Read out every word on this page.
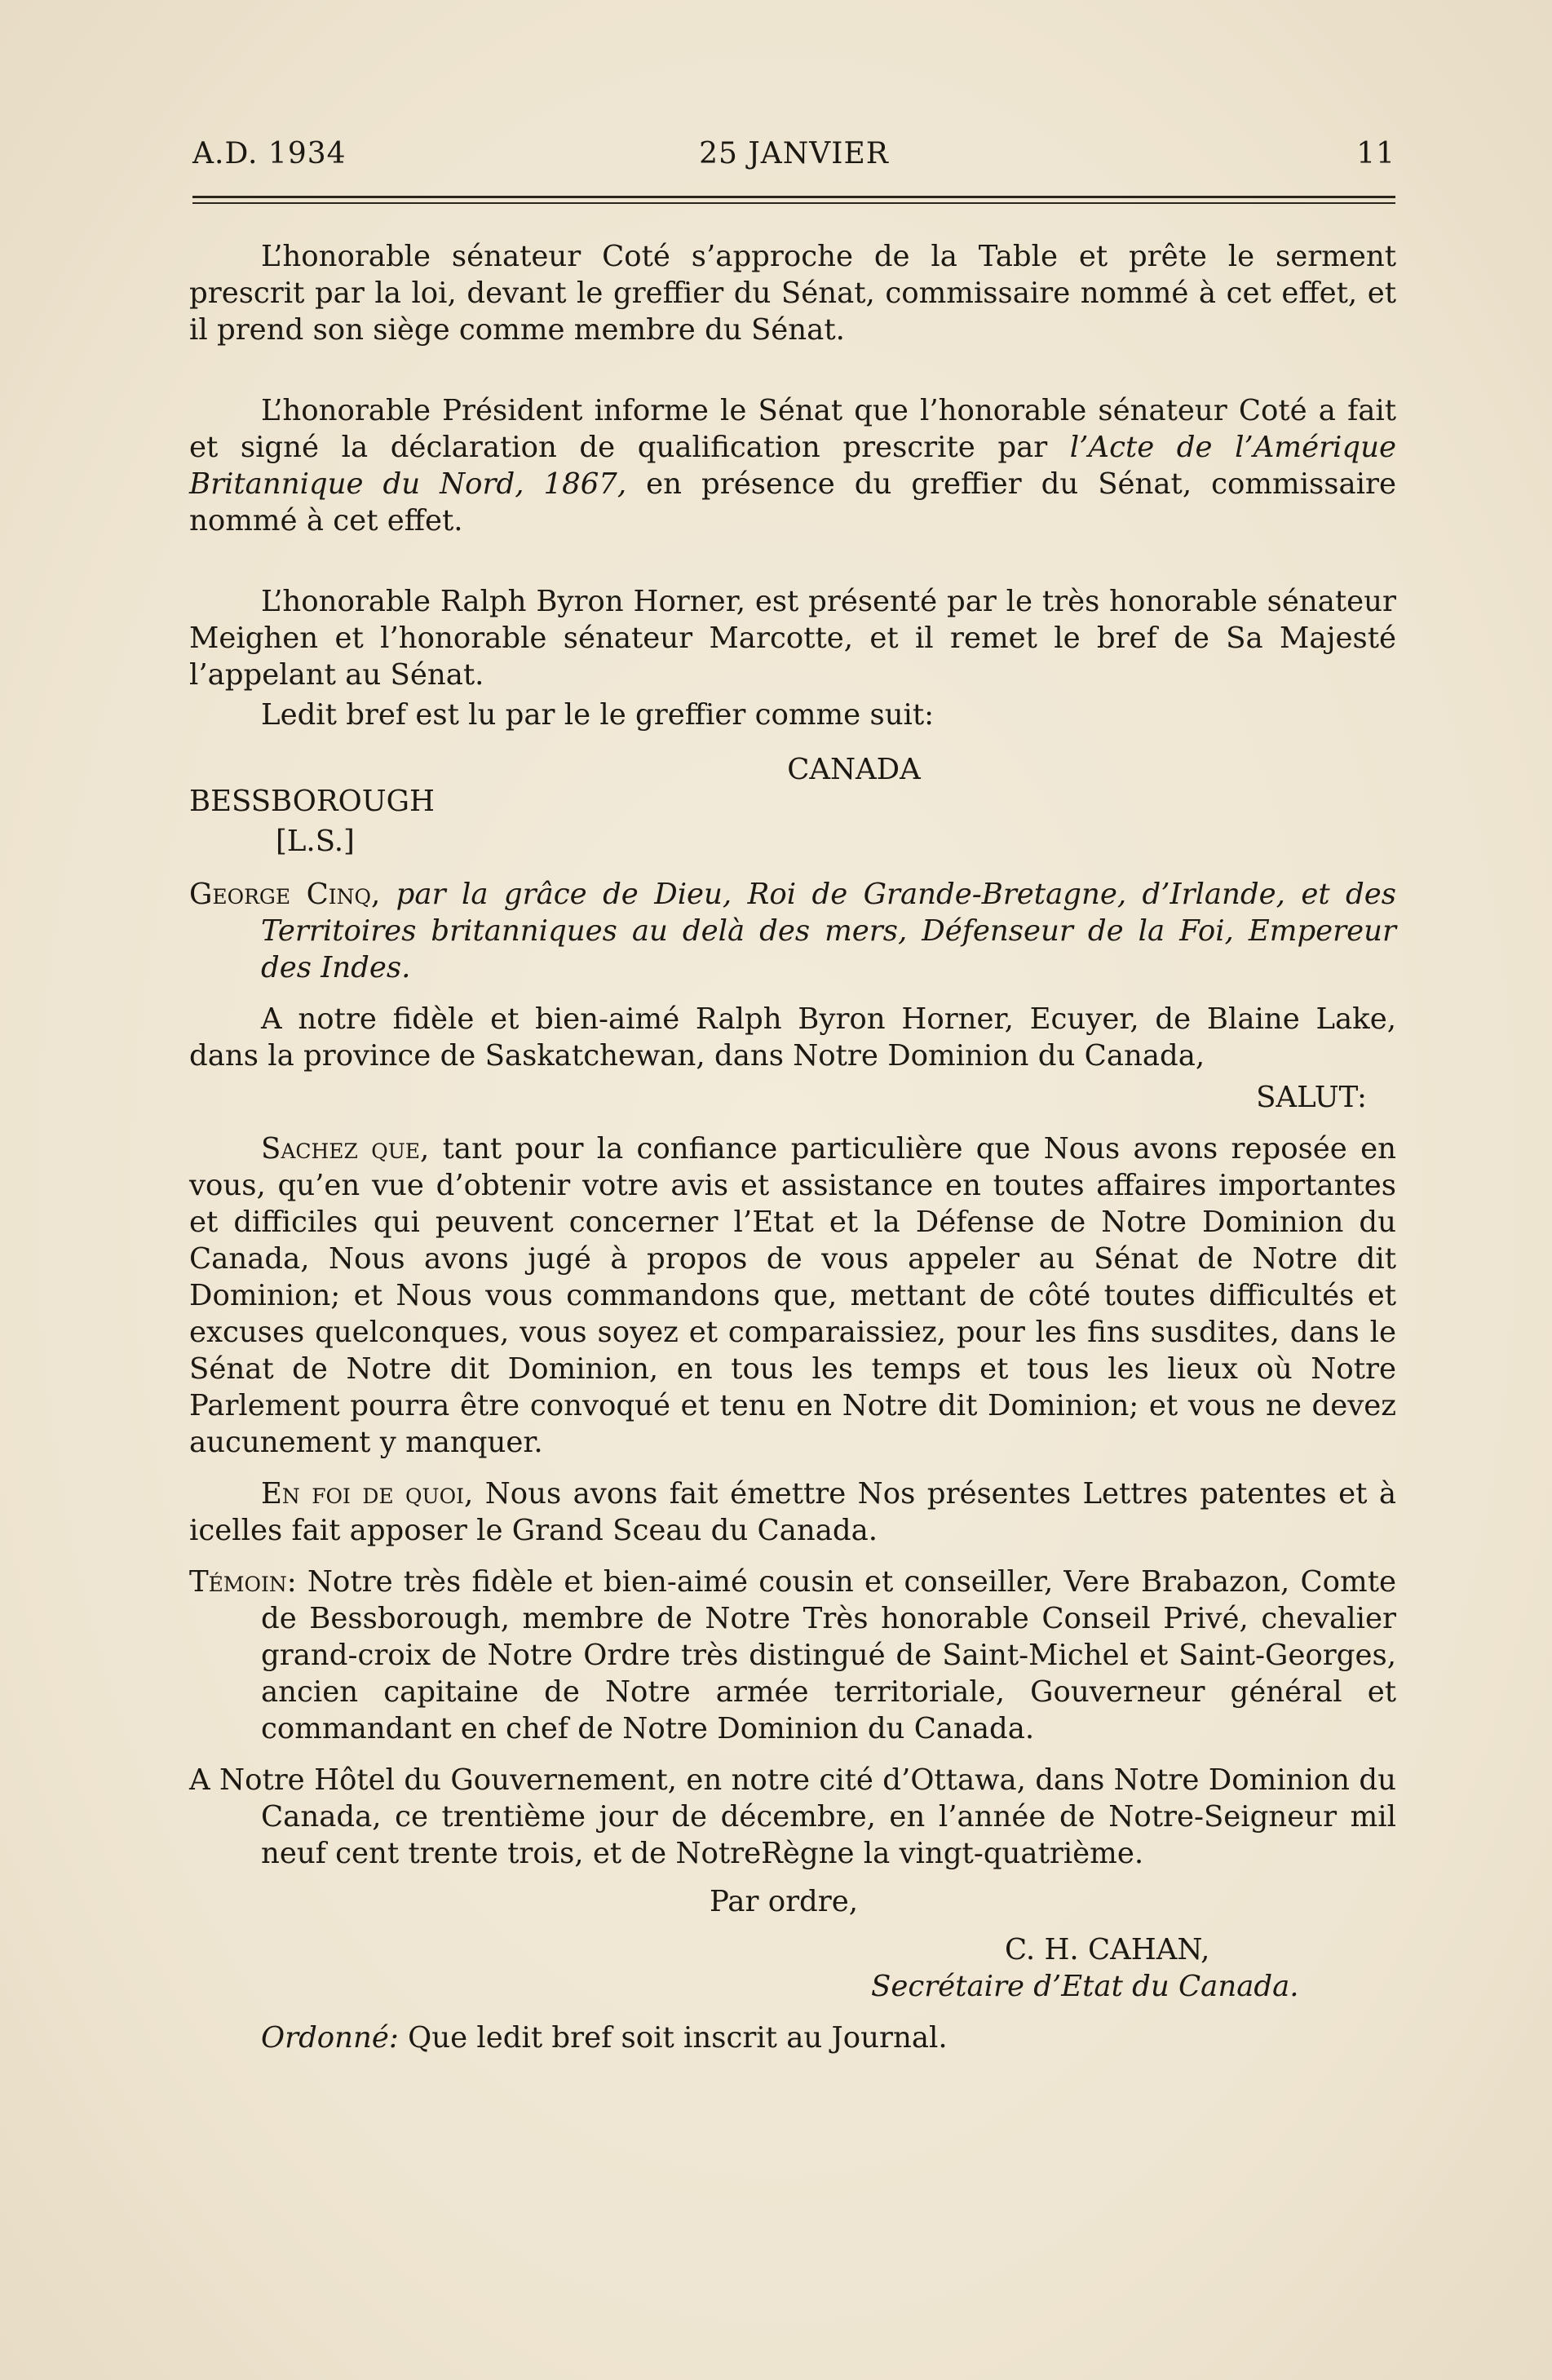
25 JANVIER
A.D. 1934	11

L’honorable sénateur Coté s’approche de la Table et prête le serment prescrit par la loi, devant le greffier du Sénat, commissaire nommé à cet effet, et il prend son siège comme membre du Sénat.

L’honorable Président informe le Sénat que l’honorable sénateur Coté a fait et signé la déclaration de qualification prescrite par l’Acte de l’Amérique Britannique du Nord, 1867, en présence du greffier du Sénat, commissaire nommé à cet effet.

L’honorable Ralph Byron Horner, est présenté par le très honorable sénateur Meighen et l’honorable sénateur Marcotte, et il remet le bref de Sa Majesté l’appelant au Sénat.

Ledit bref est lu par le le greffier comme suit:

CANADA
BESSBOROUGH
[L.S.]

George Cinq, par la grâce de Dieu, Roi de Grande-Bretagne, d’Irlande, et des Territoires britanniques au delà des mers, Défenseur de la Foi, Empereur des Indes.

A notre fidèle et bien-aimé Ralph Byron Horner, Ecuyer, de Blaine Lake, dans la province de Saskatchewan, dans Notre Dominion du Canada,

SALUT:

Sachez que, tant pour la confiance particulière que Nous avons reposée en vous, qu’en vue d’obtenir votre avis et assistance en toutes affaires importantes et difficiles qui peuvent concerner l’Etat et la Défense de Notre Dominion du Canada, Nous avons jugé à propos de vous appeler au Sénat de Notre dit Dominion; et Nous vous commandons que, mettant de côté toutes difficultés et excuses quelconques, vous soyez et comparaissiez, pour les fins susdites, dans le Sénat de Notre dit Dominion, en tous les temps et tous les lieux où Notre Parlement pourra être convoqué et tenu en Notre dit Dominion; et vous ne devez aucunement y manquer.

En foi de quoi, Nous avons fait émettre Nos présentes Lettres patentes et à icelles fait apposer le Grand Sceau du Canada.

Témoin: Notre très fidèle et bien-aimé cousin et conseiller, Vere Brabazon, Comte de Bessborough, membre de Notre Très honorable Conseil Privé, chevalier grand-croix de Notre Ordre très distingué de Saint-Michel et Saint-Georges, ancien capitaine de Notre armée territoriale, Gouverneur général et commandant en chef de Notre Dominion du Canada.

A Notre Hôtel du Gouvernement, en notre cité d’Ottawa, dans Notre Dominion du Canada, ce trentième jour de décembre, en l’année de Notre-Seigneur mil neuf cent trente trois, et de NotreRègne la vingt-quatrième.

Par ordre,
C. H. CAHAN,
Secrétaire d’Etat du Canada.

Ordonné: Que ledit bref soit inscrit au Journal.
